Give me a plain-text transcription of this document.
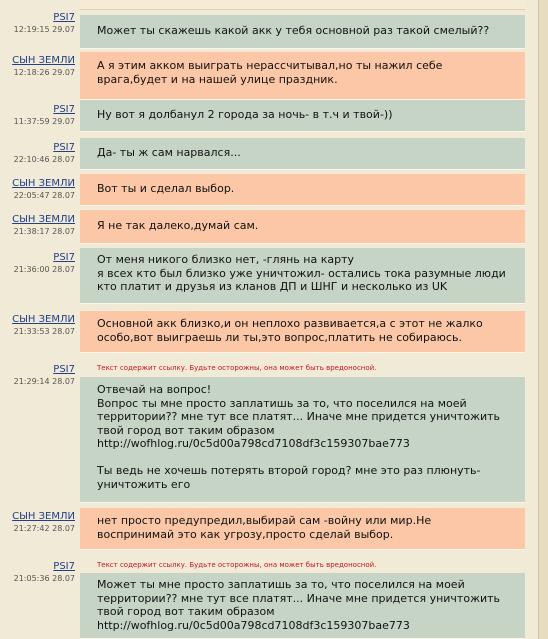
PSI7
12:19:15 29.07	Может ты скажешь какой акк у тебя основной раз такой смелый??
СЫН ЗЕМЛИ
12:18:26 29.07
А я этим акком выиграть нерассчитывал,но ты нажил себе
врага,будет и на нашей улице праздник.
PSI7
11:37:59 29.07
Ну вот я долбанул 2 города за ночь- в т.ч и твой-))
PSI7
22:10:46 28.07
Да- ты ж сам нарвался...
СЫН ЗЕМЛИ
22:05:47 28.07
Вот ты и сделал выбор.
СЫН ЗЕМЛИ
21:38:17 28.07	Я не так далеко,думай сам.
PSI7
21:36:00 28.07
От меня никого близко нет, -глянь на карту
я всех кто был близко уже уничтожил- остались тока разумные люди
кто платит и друзья из кланов ДП и ШНГ и несколько из UK
СЫН ЗЕМЛИ
21:33:53 28.07
Основной акк близко,и он неплохо развивается,а с этот не жалко
особо,вот выиграешь ли ты,это вопрос,платить не собираюсь.
PSI7
21:29:14 28.07
Текст содержит ссылку. Будьте осторожны, она может быть вредоносной.
Отвечай на вопрос!
Вопрос ты мне просто заплатишь за то, что поселился на моей
территории?? мне тут все платят... Иначе мне придется уничтожить
твой город вот таким образом
http://wofhlog.ru/0c5d00a798cd7108df3c159307bae773

Ты ведь не хочешь потерять второй город? мне это раз плюнуть-
уничтожить его
СЫН ЗЕМЛИ
21:27:42 28.07
нет просто предупредил,выбирай сам -войну или мир.Не
воспринимай это как угрозу,просто сделай выбор.
PSI7
21:05:36 28.07
Текст содержит ссылку. Будьте осторожны, она может быть вредоносной.
Может ты мне просто заплатишь за то, что поселился на моей
территории?? мне тут все платят... Иначе мне придется уничтожить
твой город вот таким образом
http://wofhlog.ru/0c5d00a798cd7108df3c159307bae773
